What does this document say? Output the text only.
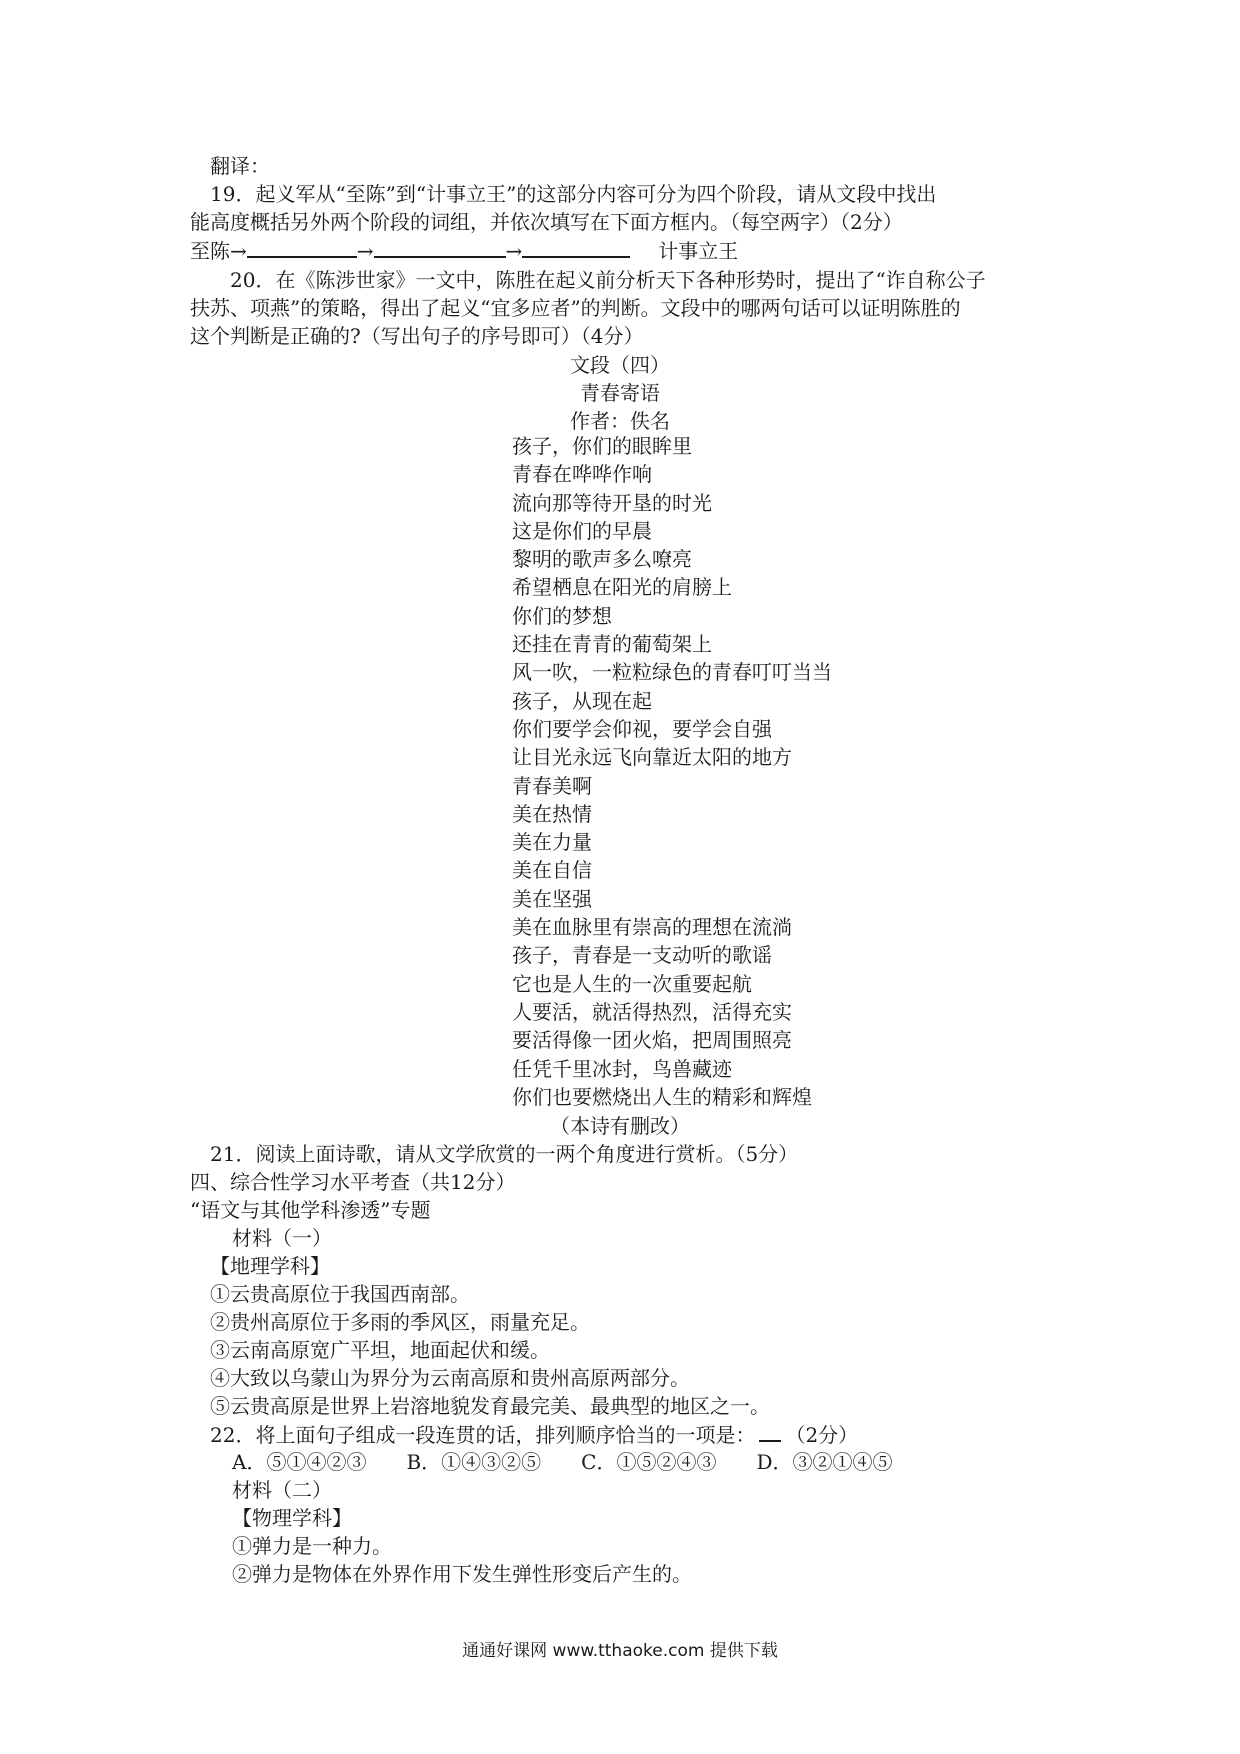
翻译：
19．起义军从“至陈”到“计事立王”的这部分内容可分为四个阶段，请从文段中找出
能高度概括另外两个阶段的词组，并依次填写在下面方框内。（每空两字）（2分）
至陈→	→	→	计事立王
20．在《陈涉世家》一文中，陈胜在起义前分析天下各种形势时，提出了“诈自称公子
扶苏、项燕”的策略，得出了起义“宜多应者”的判断。文段中的哪两句话可以证明陈胜的
这个判断是正确的?（写出句子的序号即可）（4分）
文段（四）
青春寄语
作者：佚名
孩子，你们的眼眸里
青春在哗哗作响
流向那等待开垦的时光
这是你们的早晨
黎明的歌声多么嘹亮
希望栖息在阳光的肩膀上
你们的梦想
还挂在青青的葡萄架上
风一吹，一粒粒绿色的青春叮叮当当
孩子，从现在起
你们要学会仰视，要学会自强
让目光永远飞向靠近太阳的地方
青春美啊
美在热情
美在力量
美在自信
美在坚强
美在血脉里有崇高的理想在流淌
孩子，青春是一支动听的歌谣
它也是人生的一次重要起航
人要活，就活得热烈，活得充实
要活得像一团火焰，把周围照亮
任凭千里冰封，鸟兽藏迹
你们也要燃烧出人生的精彩和辉煌
（本诗有删改）
21．阅读上面诗歌，请从文学欣赏的一两个角度进行赏析。（5分）
四、综合性学习水平考查（共12分）
“语文与其他学科渗透”专题
材料（一）
【地理学科】
①云贵高原位于我国西南部。
②贵州高原位于多雨的季风区，雨量充足。
③云南高原宽广平坦，地面起伏和缓。
④大致以乌蒙山为界分为云南高原和贵州高原两部分。
⑤云贵高原是世界上岩溶地貌发育最完美、最典型的地区之一。
22．将上面句子组成一段连贯的话，排列顺序恰当的一项是： （2分）
A．⑤①④②③ B．①④③②⑤ C．①⑤②④③ D．③②①④⑤
材料（二）
【物理学科】
①弹力是一种力。
②弹力是物体在外界作用下发生弹性形变后产生的。
通通好课网 www.tthaoke.com 提供下载
